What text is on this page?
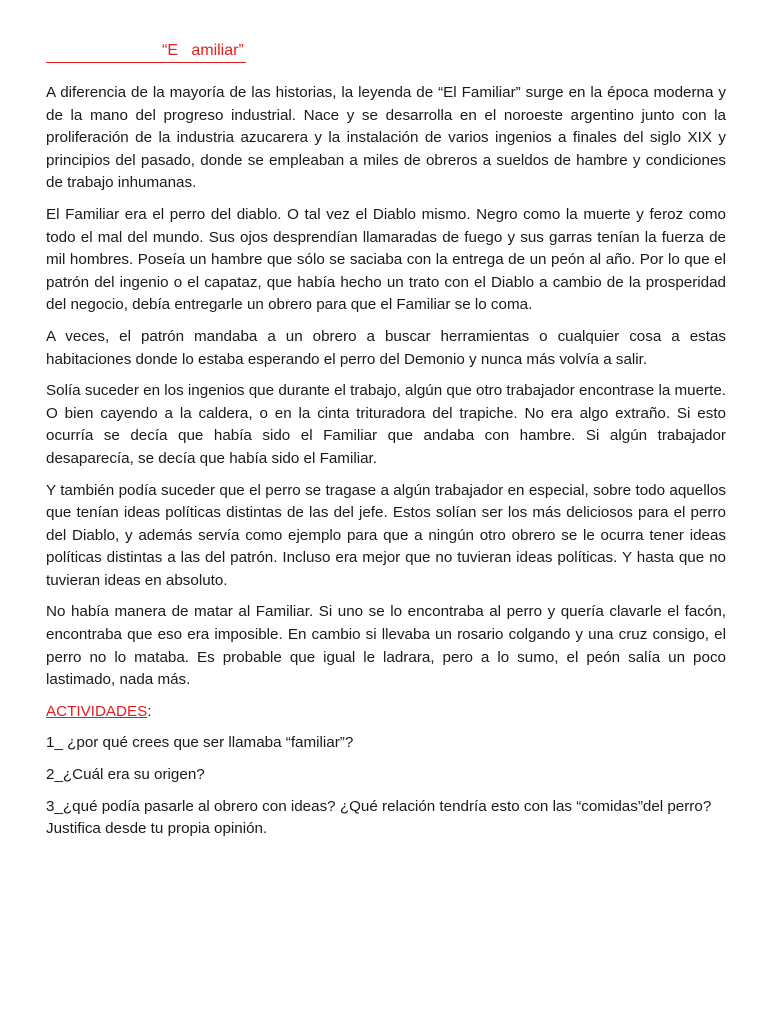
“E   amiliar”

A diferencia de la mayoría de las historias, la leyenda de “El Familiar” surge en la época moderna y de la mano del progreso industrial. Nace y se desarrolla en el noroeste argentino junto con la proliferación de la industria azucarera y la instalación de varios ingenios a finales del siglo XIX y principios del pasado, donde se empleaban a miles de obreros a sueldos de hambre y condiciones de trabajo inhumanas.

El Familiar era el perro del diablo. O tal vez el Diablo mismo. Negro como la muerte y feroz como todo el mal del mundo. Sus ojos desprendían llamaradas de fuego y sus garras tenían la fuerza de mil hombres. Poseía un hambre que sólo se saciaba con la entrega de un peón al año. Por lo que el patrón del ingenio o el capataz, que había hecho un trato con el Diablo a cambio de la prosperidad del negocio, debía entregarle un obrero para que el Familiar se lo coma.

A veces, el patrón mandaba a un obrero a buscar herramientas o cualquier cosa a estas habitaciones donde lo estaba esperando el perro del Demonio y nunca más volvía a salir.

Solía suceder en los ingenios que durante el trabajo, algún que otro trabajador encontrase la muerte. O bien cayendo a la caldera, o en la cinta trituradora del trapiche. No era algo extraño. Si esto ocurría se decía que había sido el Familiar que andaba con hambre. Si algún trabajador desaparecía, se decía que había sido el Familiar.

Y también podía suceder que el perro se tragase a algún trabajador en especial, sobre todo aquellos que tenían ideas políticas distintas de las del jefe. Estos solían ser los más deliciosos para el perro del Diablo, y además servía como ejemplo para que a ningún otro obrero se le ocurra tener ideas políticas distintas a las del patrón. Incluso era mejor que no tuvieran ideas políticas. Y hasta que no tuvieran ideas en absoluto.

No había manera de matar al Familiar. Si uno se lo encontraba al perro y quería clavarle el facón, encontraba que eso era imposible. En cambio si llevaba un rosario colgando y una cruz consigo, el perro no lo mataba. Es probable que igual le ladrara, pero a lo sumo, el peón salía un poco lastimado, nada más.

ACTIVIDADES:
1_ ¿por qué crees que ser llamaba “familiar”?
2_¿Cuál era su origen?
3_¿qué podía pasarle al obrero con ideas? ¿Qué relación tendría esto con las “comidas”del perro? Justifica desde tu propia opinión.
